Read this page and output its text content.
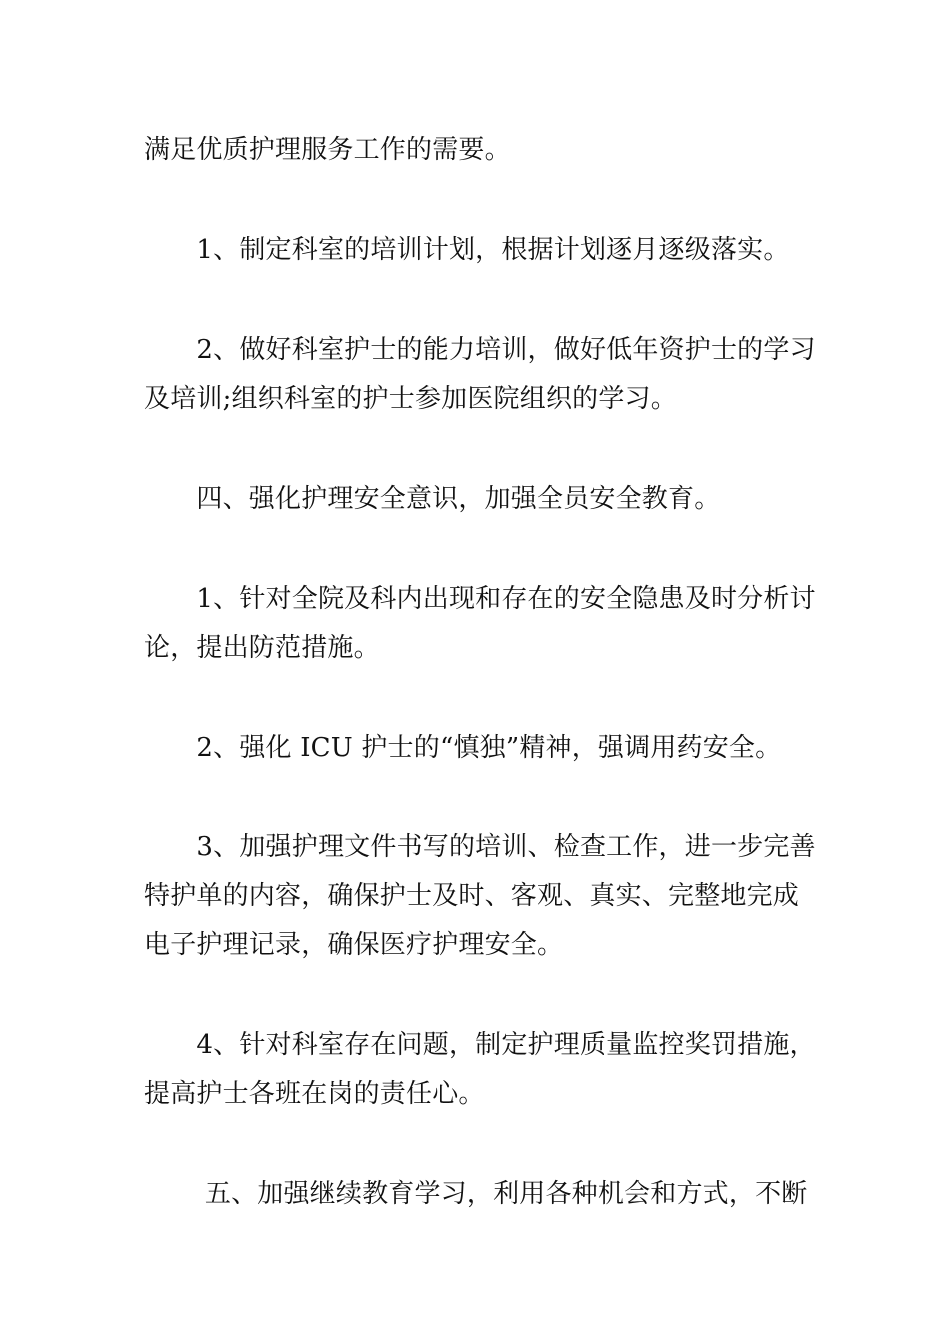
满足优质护理服务工作的需要。
　　1、制定科室的培训计划，根据计划逐月逐级落实。
　　2、做好科室护士的能力培训，做好低年资护士的学习
及培训;组织科室的护士参加医院组织的学习。
　　四、强化护理安全意识，加强全员安全教育。
　　1、针对全院及科内出现和存在的安全隐患及时分析讨
论，提出防范措施。
　　2、强化 ICU 护士的“慎独”精神，强调用药安全。
　　3、加强护理文件书写的培训、检查工作，进一步完善
特护单的内容，确保护士及时、客观、真实、完整地完成
电子护理记录，确保医疗护理安全。
　　4、针对科室存在问题，制定护理质量监控奖罚措施，
提高护士各班在岗的责任心。
　　 五、加强继续教育学习，利用各种机会和方式，不断
